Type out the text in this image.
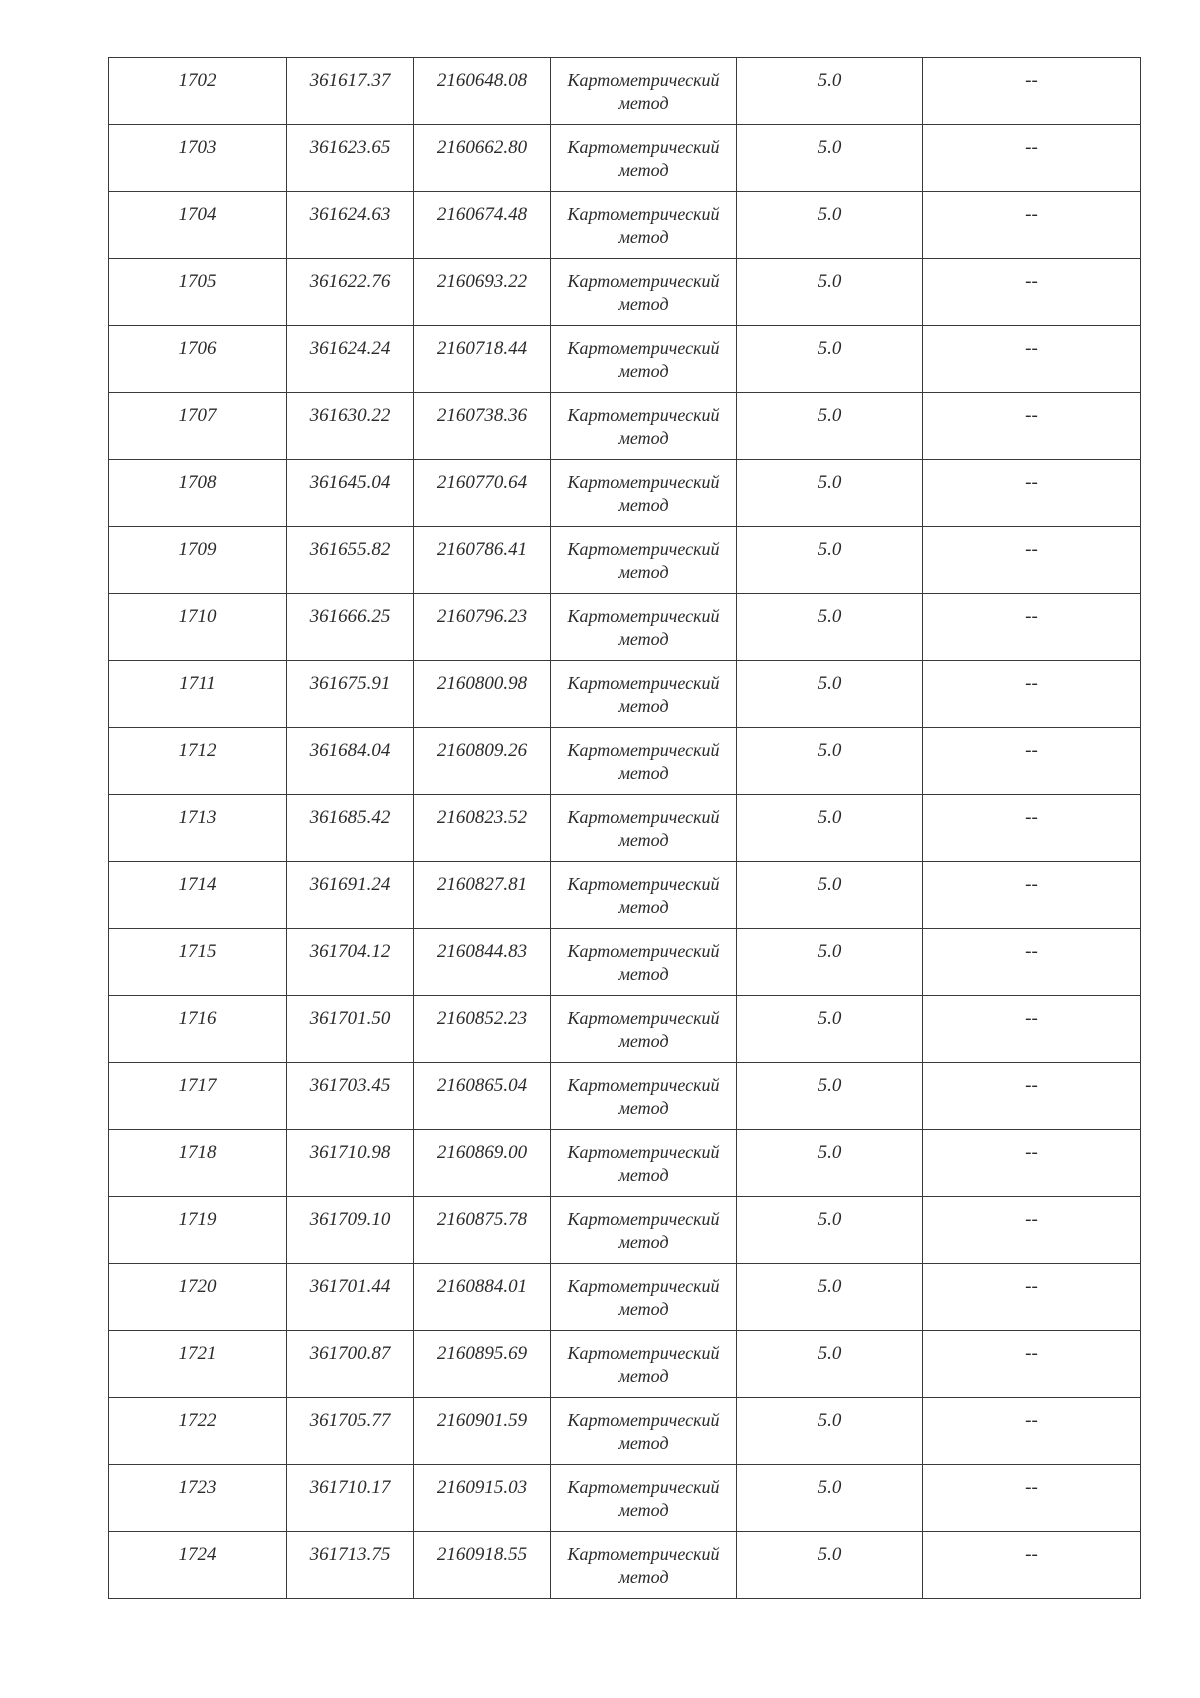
1702	361617.37	2160648.08	Картометрический
метод	5.0	--

1703	361623.65	2160662.80	Картометрический
метод	5.0	--

1704	361624.63	2160674.48	Картометрический
метод	5.0	--

1705	361622.76	2160693.22	Картометрический
метод	5.0	--

1706	361624.24	2160718.44	Картометрический
метод	5.0	--

1707	361630.22	2160738.36	Картометрический
метод	5.0	--

1708	361645.04	2160770.64	Картометрический
метод	5.0	--

1709	361655.82	2160786.41	Картометрический
метод	5.0	--

1710	361666.25	2160796.23	Картометрический
метод	5.0	--

1711	361675.91	2160800.98	Картометрический
метод	5.0	--

1712	361684.04	2160809.26	Картометрический
метод	5.0	--

1713	361685.42	2160823.52	Картометрический
метод	5.0	--

1714	361691.24	2160827.81	Картометрический
метод	5.0	--

1715	361704.12	2160844.83	Картометрический
метод	5.0	--

1716	361701.50	2160852.23	Картометрический
метод	5.0	--

1717	361703.45	2160865.04	Картометрический
метод	5.0	--

1718	361710.98	2160869.00	Картометрический
метод	5.0	--

1719	361709.10	2160875.78	Картометрический
метод	5.0	--

1720	361701.44	2160884.01	Картометрический
метод	5.0	--

1721	361700.87	2160895.69	Картометрический
метод	5.0	--

1722	361705.77	2160901.59	Картометрический
метод	5.0	--

1723	361710.17	2160915.03	Картометрический
метод	5.0	--

1724	361713.75	2160918.55	Картометрический
метод	5.0	--
